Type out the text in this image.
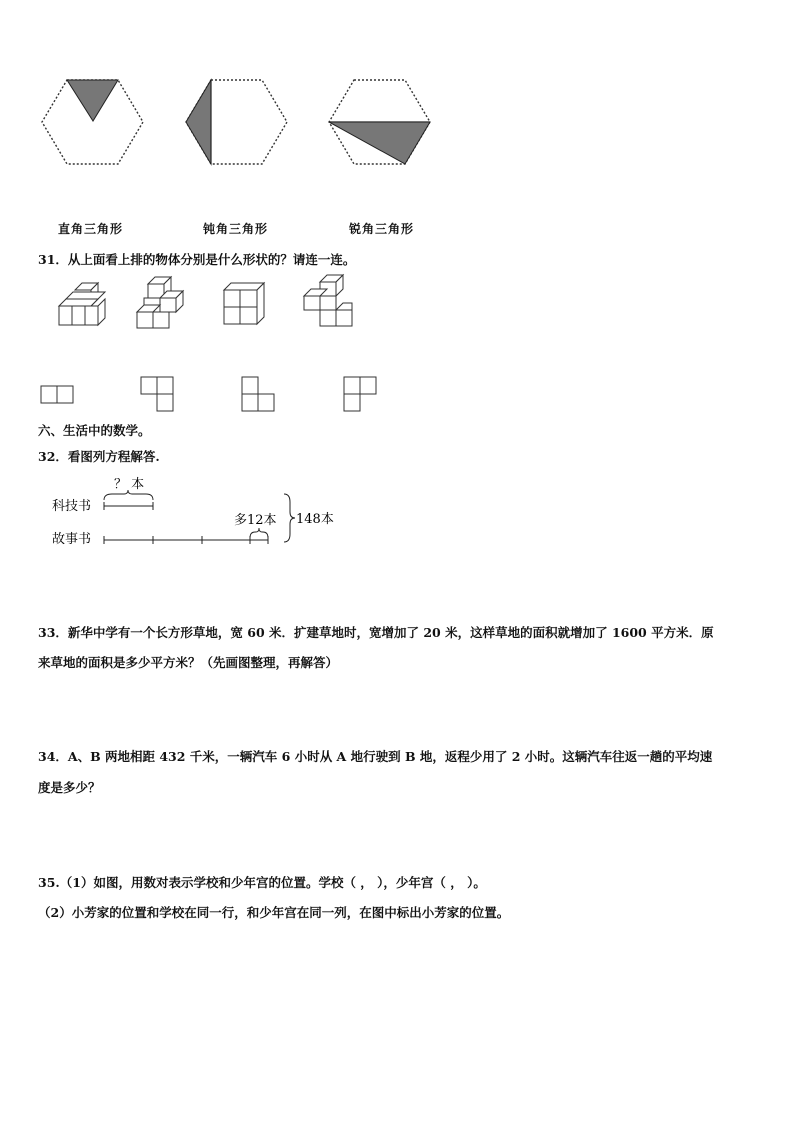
直角三角形	钝角三角形	锐角三角形
31．从上面看上排的物体分别是什么形状的？请连一连。
六、生活中的数学。
32．看图列方程解答.
科技书
故事书
？ 本
多12本 148本
33．新华中学有一个长方形草地，宽 60 米．扩建草地时，宽增加了 20 米，这样草地的面积就增加了 1600 平方米．原
来草地的面积是多少平方米？（先画图整理，再解答）
34．A、B 两地相距 432 千米，一辆汽车 6 小时从 A 地行驶到 B 地，返程少用了 2 小时。这辆汽车往返一趟的平均速
度是多少？
35.（1）如图，用数对表示学校和少年宫的位置。学校（ ， ），少年宫（ ， ）。
（2）小芳家的位置和学校在同一行，和少年宫在同一列，在图中标出小芳家的位置。
